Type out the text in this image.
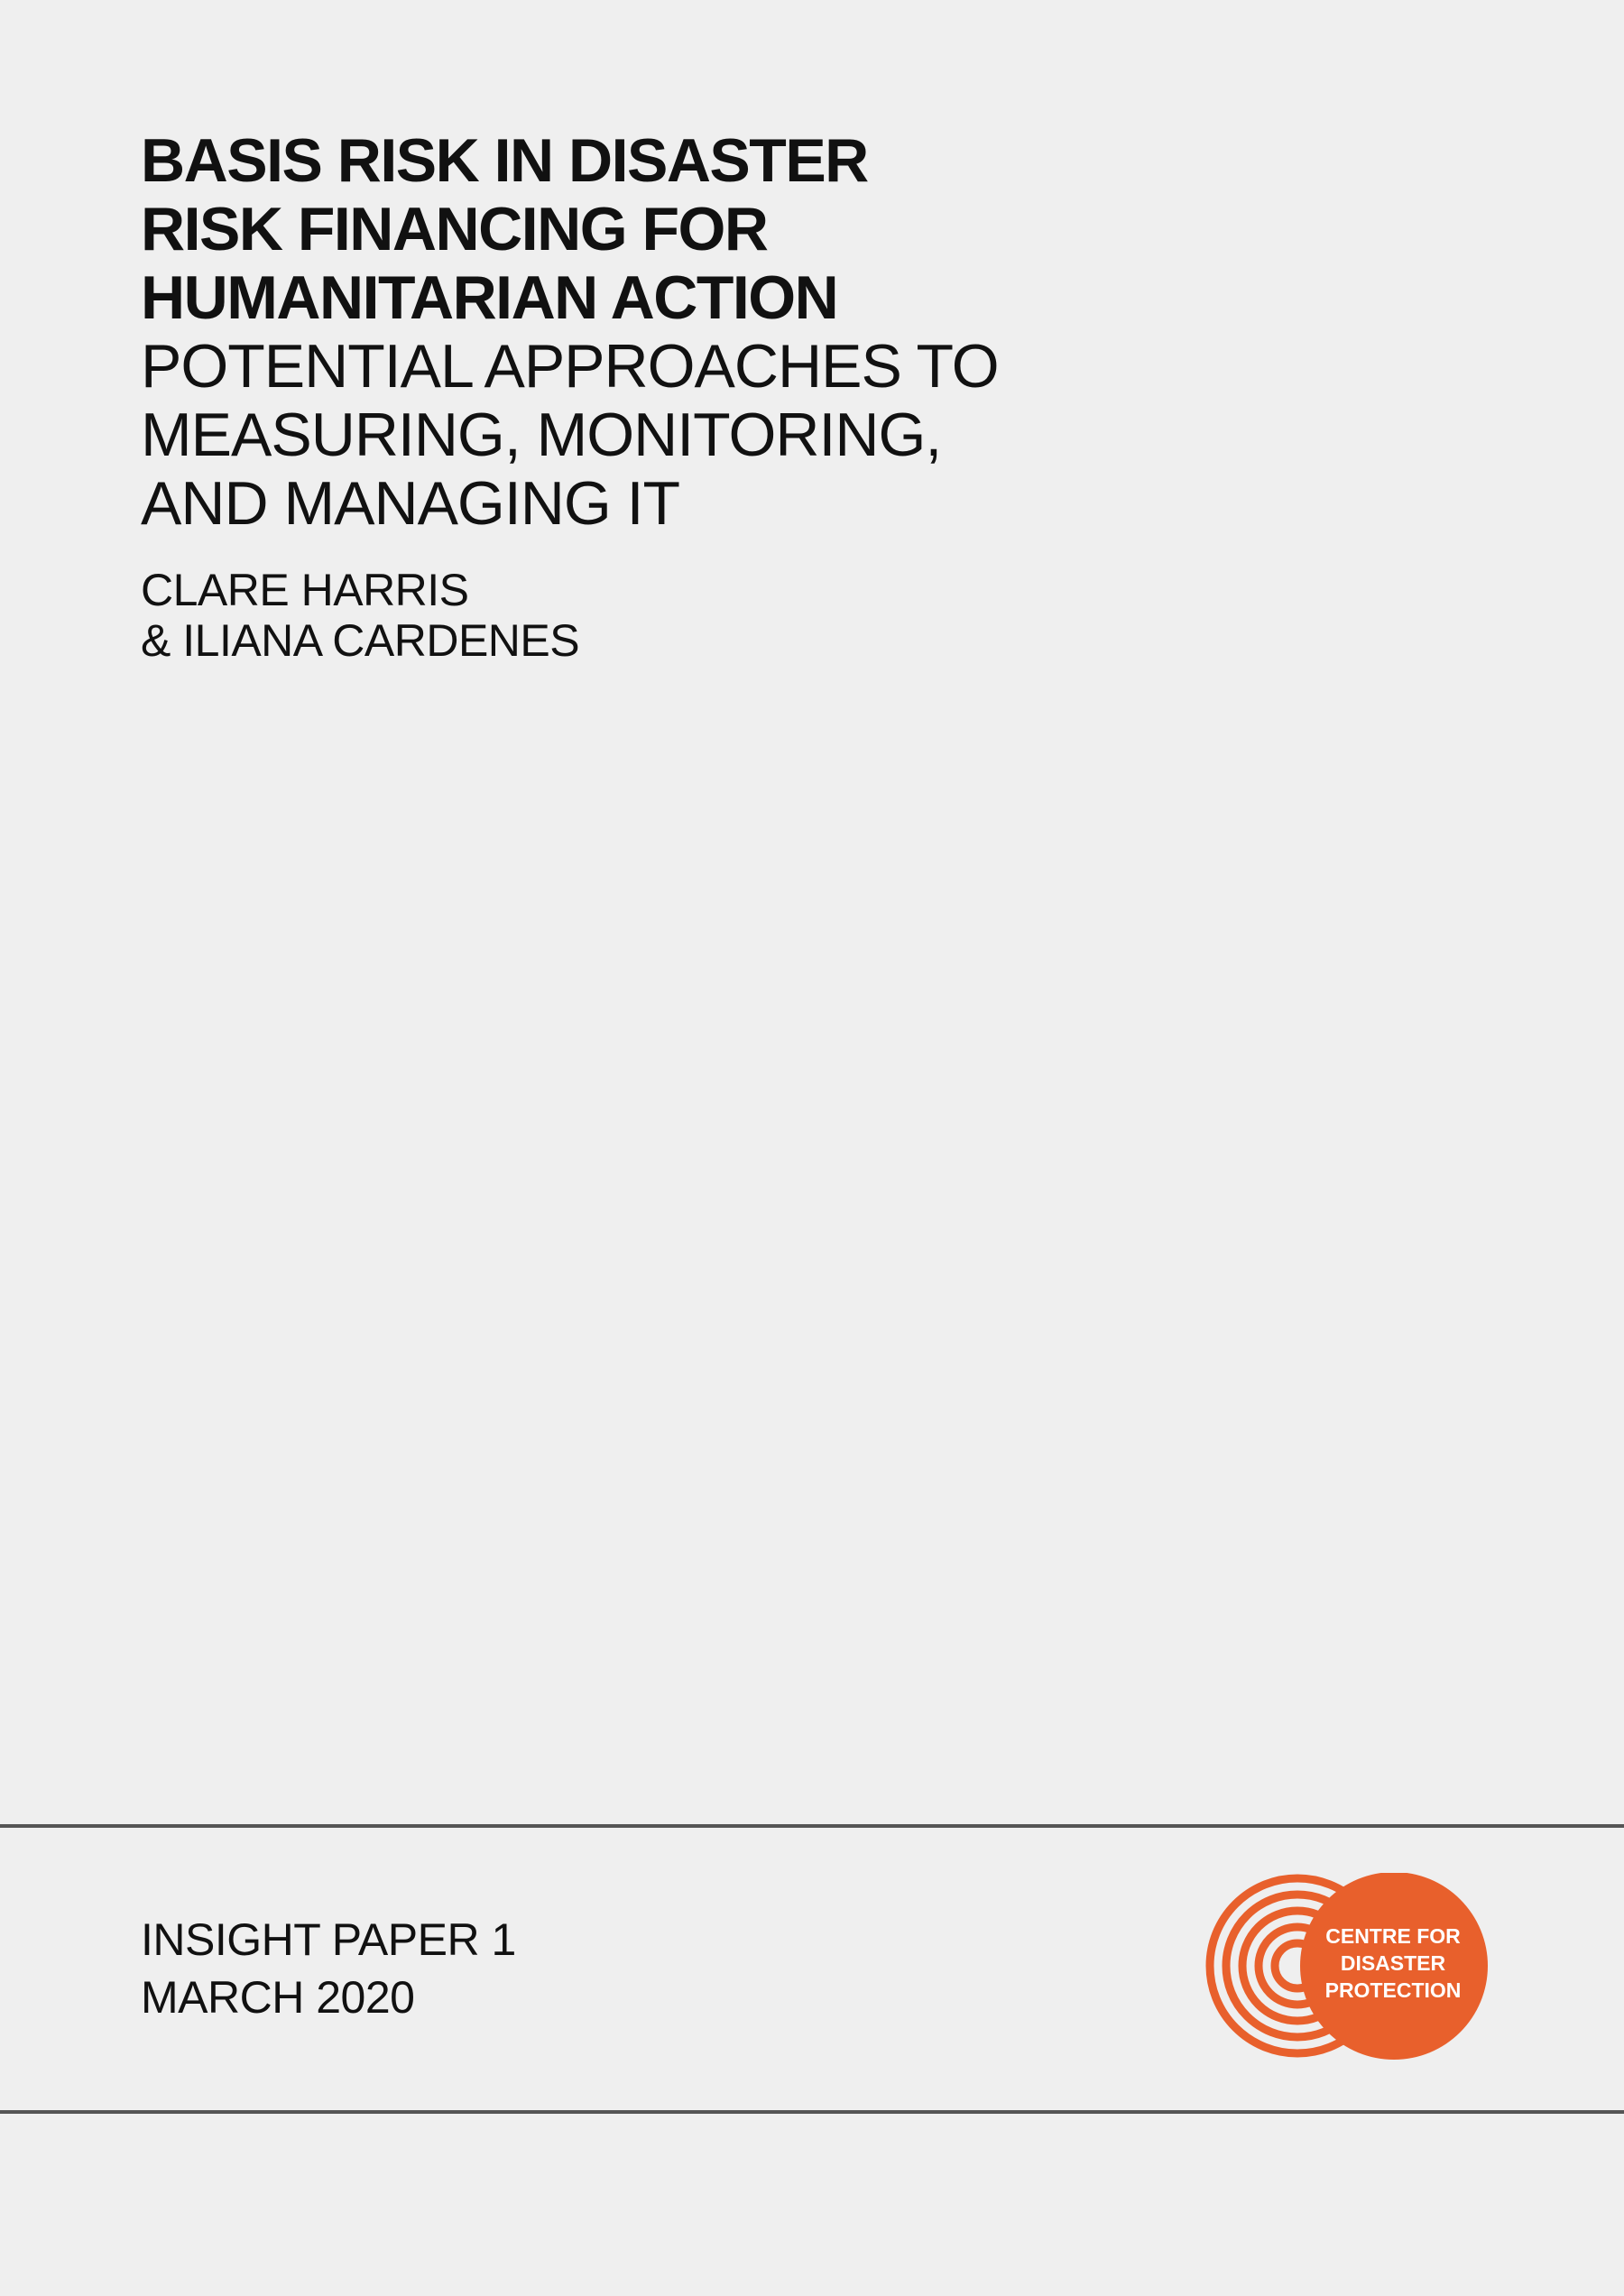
BASIS RISK IN DISASTER
RISK FINANCING FOR
HUMANITARIAN ACTION
POTENTIAL APPROACHES TO
MEASURING, MONITORING,
AND MANAGING IT

CLARE HARRIS
& ILIANA CARDENES

INSIGHT PAPER 1
MARCH 2020

CENTRE FOR
DISASTER
PROTECTION
